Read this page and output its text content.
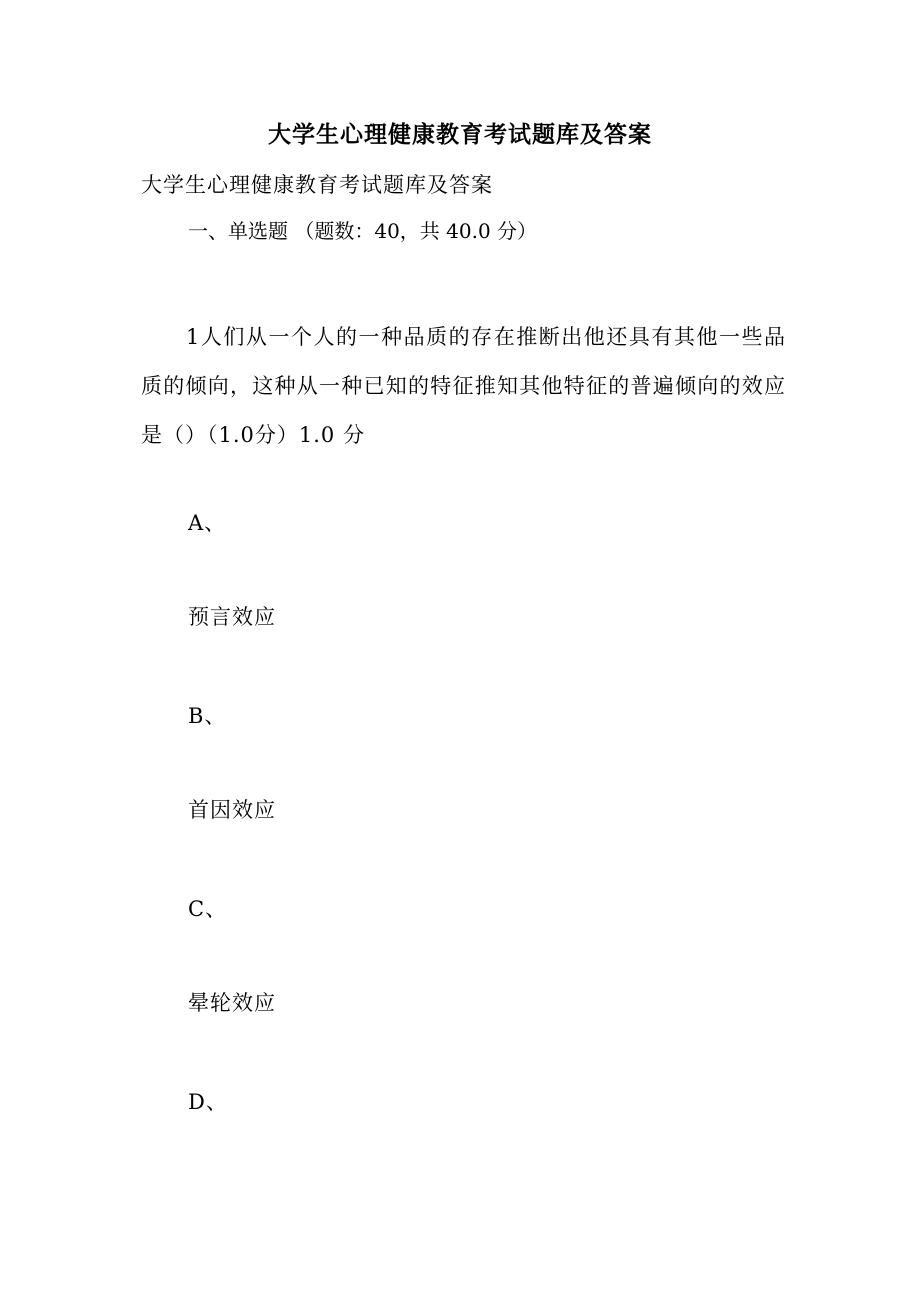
大学生心理健康教育考试题库及答案
大学生心理健康教育考试题库及答案
一、单选题 （题数：40，共 40.0 分）
1人们从一个人的一种品质的存在推断出他还具有其他一些品质的倾向，这种从一种已知的特征推知其他特征的普遍倾向的效应是（）（1.0分）1.0 分
A、
预言效应
B、
首因效应
C、
晕轮效应
D、
